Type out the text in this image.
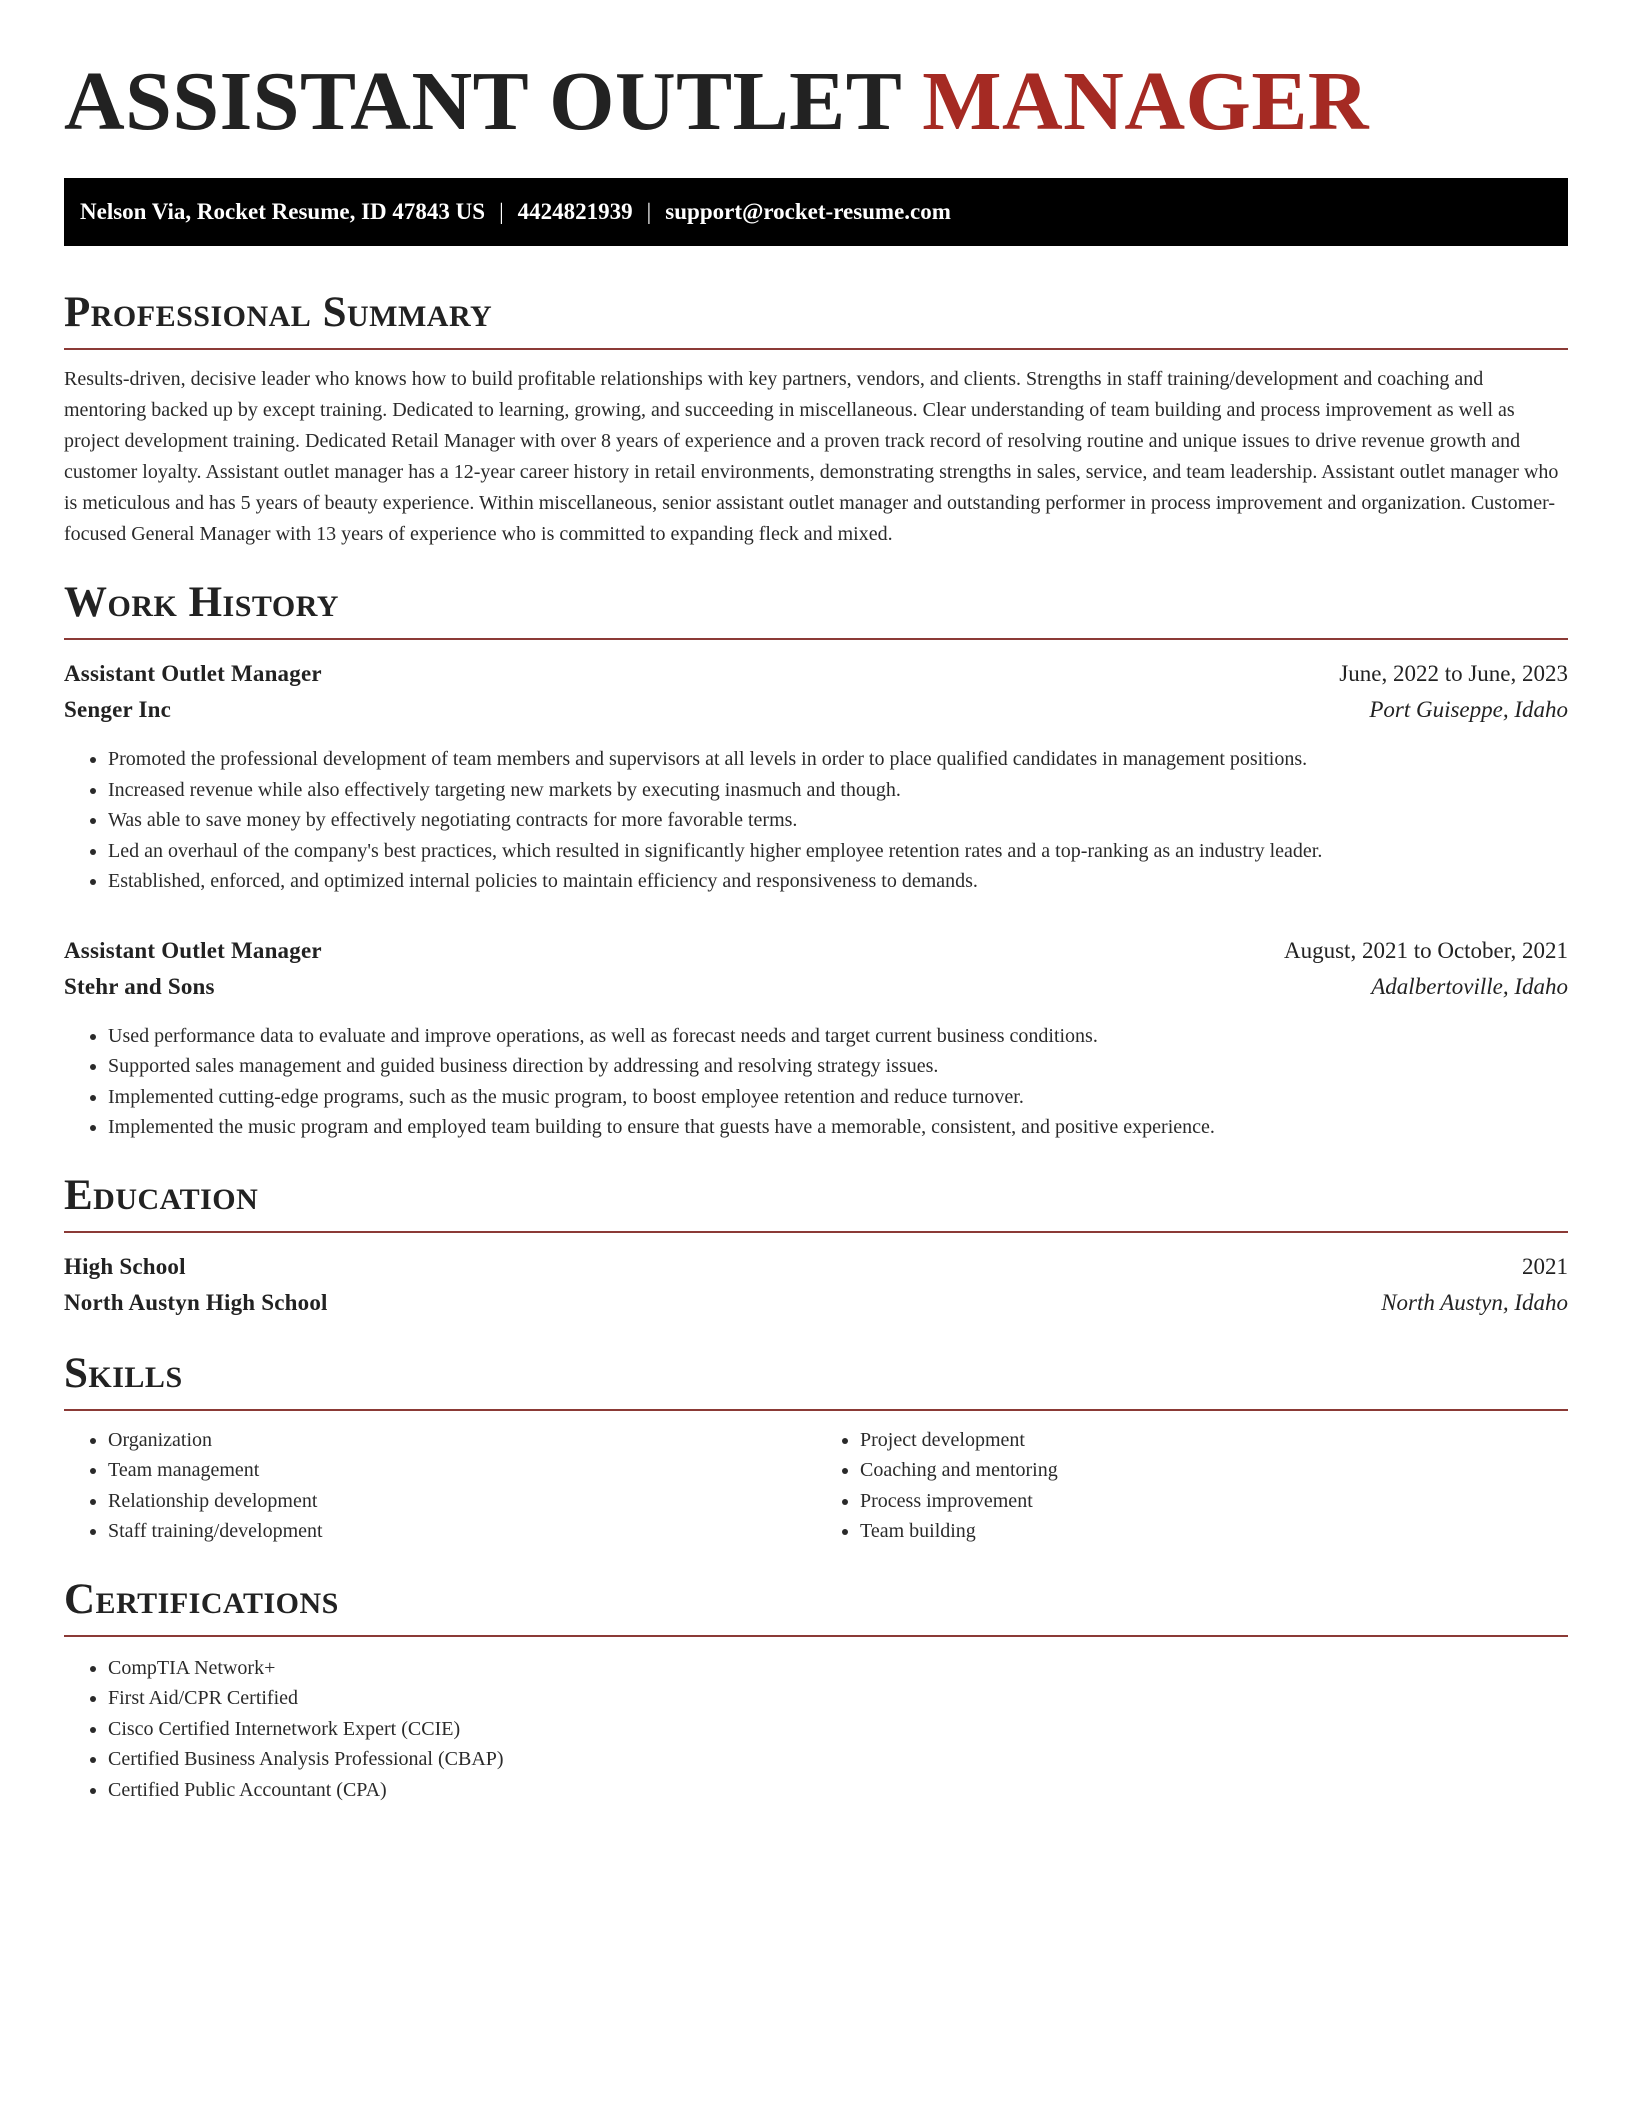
ASSISTANT OUTLET MANAGER
Nelson Via, Rocket Resume, ID 47843 US | 4424821939 | support@rocket-resume.com
Professional Summary

Results-driven, decisive leader who knows how to build profitable relationships with key partners, vendors, and clients. Strengths in staff training/development and coaching and mentoring backed up by except training. Dedicated to learning, growing, and succeeding in miscellaneous. Clear understanding of team building and process improvement as well as project development training. Dedicated Retail Manager with over 8 years of experience and a proven track record of resolving routine and unique issues to drive revenue growth and customer loyalty. Assistant outlet manager has a 12-year career history in retail environments, demonstrating strengths in sales, service, and team leadership. Assistant outlet manager who is meticulous and has 5 years of beauty experience. Within miscellaneous, senior assistant outlet manager and outstanding performer in process improvement and organization. Customer-focused General Manager with 13 years of experience who is committed to expanding fleck and mixed.

Work History
Assistant Outlet Manager	June, 2022 to June, 2023
Senger Inc	Port Guiseppe, Idaho
• Promoted the professional development of team members and supervisors at all levels in order to place qualified candidates in management positions.
• Increased revenue while also effectively targeting new markets by executing inasmuch and though.
• Was able to save money by effectively negotiating contracts for more favorable terms.
• Led an overhaul of the company's best practices, which resulted in significantly higher employee retention rates and a top-ranking as an industry leader.
• Established, enforced, and optimized internal policies to maintain efficiency and responsiveness to demands.
Assistant Outlet Manager	August, 2021 to October, 2021
Stehr and Sons	Adalbertoville, Idaho
• Used performance data to evaluate and improve operations, as well as forecast needs and target current business conditions.
• Supported sales management and guided business direction by addressing and resolving strategy issues.
• Implemented cutting-edge programs, such as the music program, to boost employee retention and reduce turnover.
• Implemented the music program and employed team building to ensure that guests have a memorable, consistent, and positive experience.
Education
High School	2021
North Austyn High School	North Austyn, Idaho
Skills
• Organization
• Team management
• Relationship development
• Staff training/development
• Project development
• Coaching and mentoring
• Process improvement
• Team building
Certifications
• CompTIA Network+
• First Aid/CPR Certified
• Cisco Certified Internetwork Expert (CCIE)
• Certified Business Analysis Professional (CBAP)
• Certified Public Accountant (CPA)
